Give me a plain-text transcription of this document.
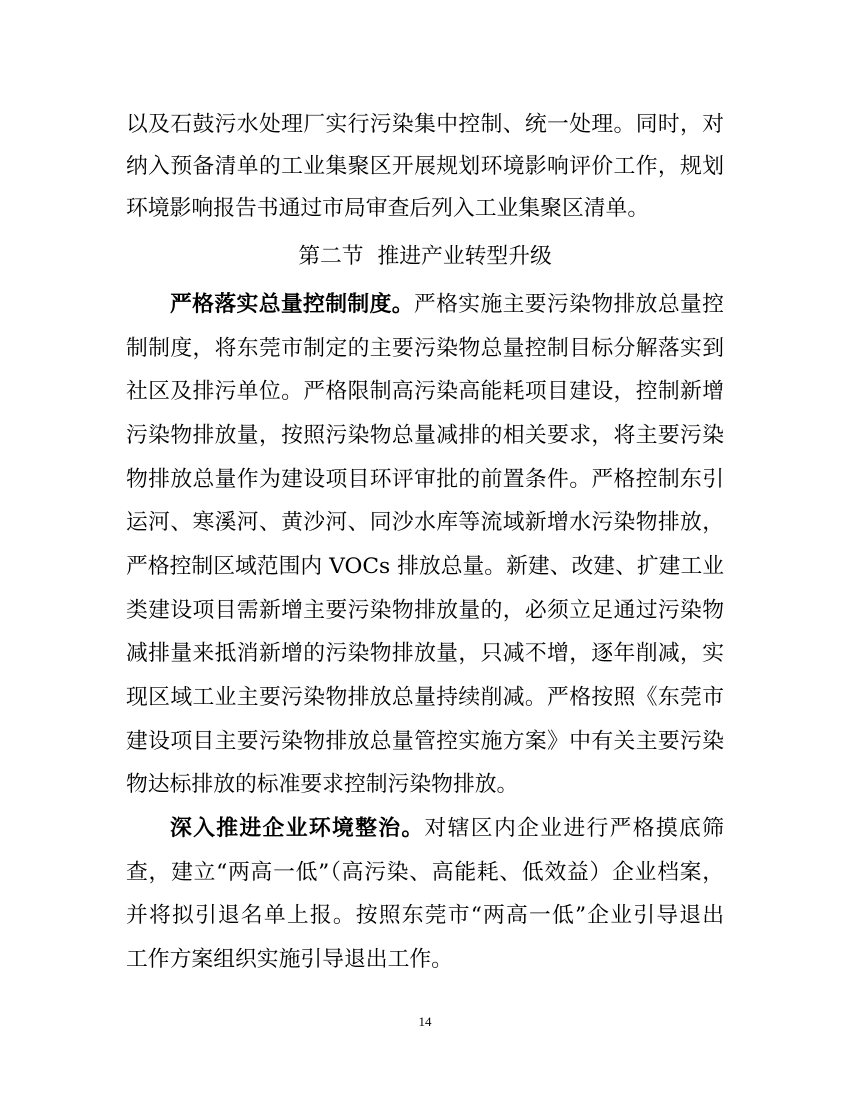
以及石鼓污水处理厂实行污染集中控制、统一处理。同时，对
纳入预备清单的工业集聚区开展规划环境影响评价工作，规划
环境影响报告书通过市局审查后列入工业集聚区清单。
第二节  推进产业转型升级
严格落实总量控制制度。严格实施主要污染物排放总量控
制制度，将东莞市制定的主要污染物总量控制目标分解落实到
社区及排污单位。严格限制高污染高能耗项目建设，控制新增
污染物排放量，按照污染物总量减排的相关要求，将主要污染
物排放总量作为建设项目环评审批的前置条件。严格控制东引
运河、寒溪河、黄沙河、同沙水库等流域新增水污染物排放，
严格控制区域范围内 VOCs 排放总量。新建、改建、扩建工业
类建设项目需新增主要污染物排放量的，必须立足通过污染物
减排量来抵消新增的污染物排放量，只减不增，逐年削减，实
现区域工业主要污染物排放总量持续削减。严格按照《东莞市
建设项目主要污染物排放总量管控实施方案》中有关主要污染
物达标排放的标准要求控制污染物排放。
深入推进企业环境整治。对辖区内企业进行严格摸底筛
查，建立“两高一低”（高污染、高能耗、低效益）企业档案，
并将拟引退名单上报。按照东莞市“两高一低”企业引导退出
工作方案组织实施引导退出工作。
14
